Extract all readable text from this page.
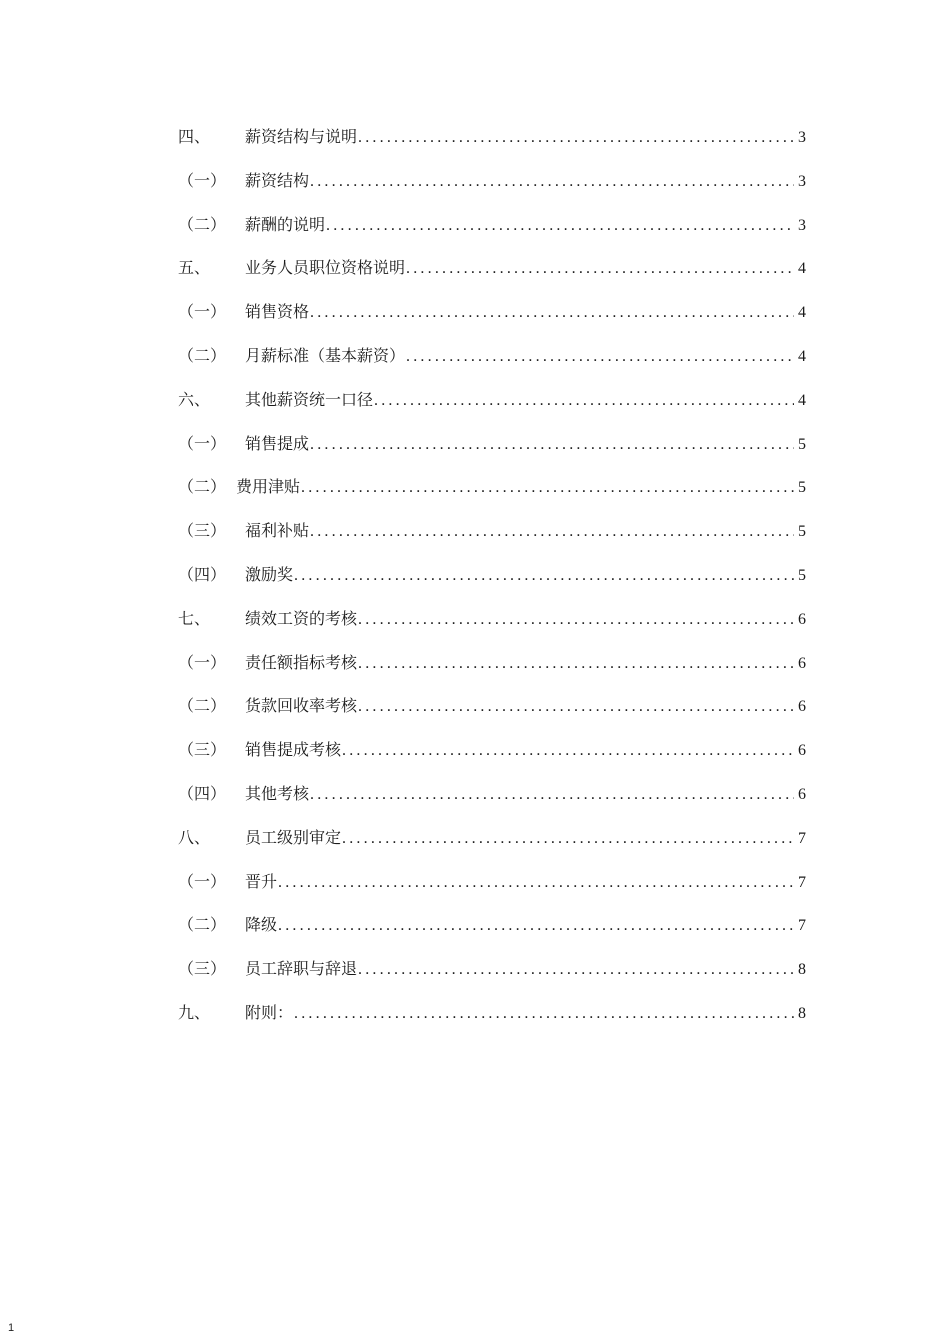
四、	薪资结构与说明 .....	3
（一）	薪资结构 .....	3
（二）	薪酬的说明 .....	3
五、	业务人员职位资格说明 .....	4
（一）	销售资格 .....	4
（二）	月薪标准（基本薪资） .....	4
六、	其他薪资统一口径 .....	4
（一）	销售提成 .....	5
（二） 费用津贴 .....	5
（三）	福利补贴 .....	5
（四）	激励奖 .....	5
七、	绩效工资的考核 .....	6
（一）	责任额指标考核 .....	6
（二）	货款回收率考核 .....	6
（三）	销售提成考核 .....	6
（四）	其他考核 .....	6
八、	员工级别审定 .....	7
（一）	晋升 .....	7
（二）	降级 .....	7
（三）	员工辞职与辞退 .....	8
九、	附则： .....	8
1
